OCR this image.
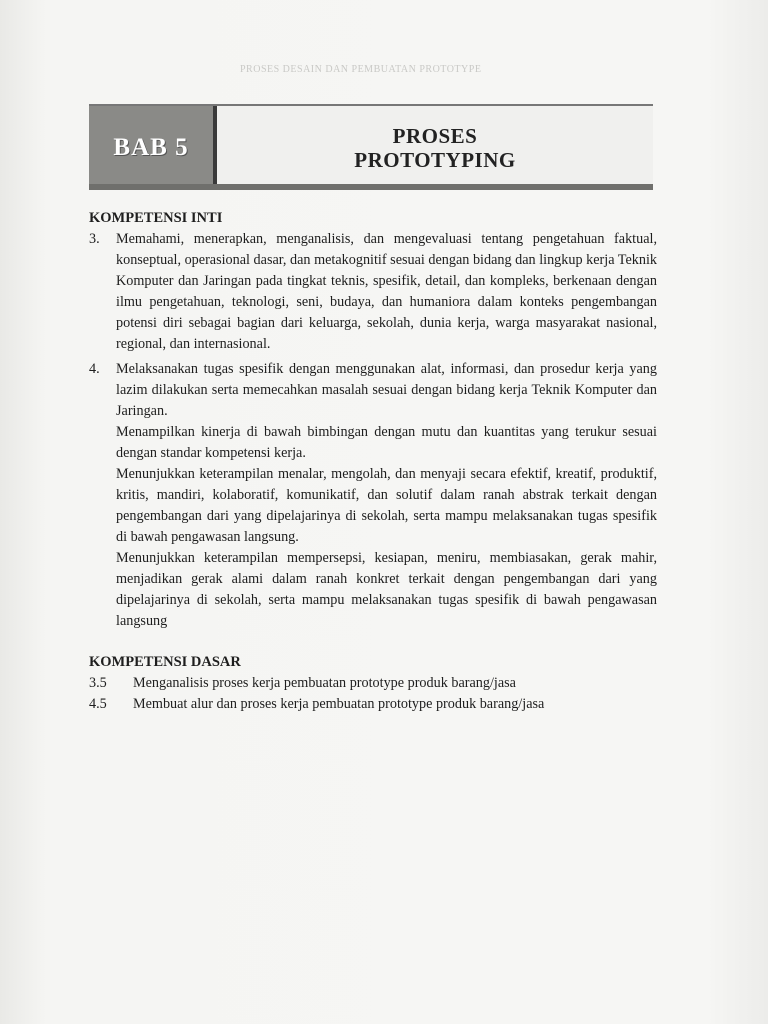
PROSES DESAIN DAN PEMBUATAN PROTOTYPE
BAB 5	PROSES
PROTOTYPING
KOMPETENSI INTI
3.	Memahami, menerapkan, menganalisis, dan mengevaluasi tentang pengetahuan faktual, konseptual, operasional dasar, dan metakognitif sesuai dengan bidang dan lingkup kerja Teknik Komputer dan Jaringan pada tingkat teknis, spesifik, detail, dan kompleks, berkenaan dengan ilmu pengetahuan, teknologi, seni, budaya, dan humaniora dalam konteks pengembangan potensi diri sebagai bagian dari keluarga, sekolah, dunia kerja, warga masyarakat nasional, regional, dan internasional.

4.	Melaksanakan tugas spesifik dengan menggunakan alat, informasi, dan prosedur kerja yang lazim dilakukan serta memecahkan masalah sesuai dengan bidang kerja Teknik Komputer dan Jaringan.

Menampilkan kinerja di bawah bimbingan dengan mutu dan kuantitas yang terukur sesuai dengan standar kompetensi kerja.

Menunjukkan keterampilan menalar, mengolah, dan menyaji secara efektif, kreatif, produktif, kritis, mandiri, kolaboratif, komunikatif, dan solutif dalam ranah abstrak terkait dengan pengembangan dari yang dipelajarinya di sekolah, serta mampu melaksanakan tugas spesifik di bawah pengawasan langsung.

Menunjukkan keterampilan mempersepsi, kesiapan, meniru, membiasakan, gerak mahir, menjadikan gerak alami dalam ranah konkret terkait dengan pengembangan dari yang dipelajarinya di sekolah, serta mampu melaksanakan tugas spesifik di bawah pengawasan langsung

KOMPETENSI DASAR
3.5	Menganalisis proses kerja pembuatan prototype produk barang/jasa
4.5	Membuat alur dan proses kerja pembuatan prototype produk barang/jasa
